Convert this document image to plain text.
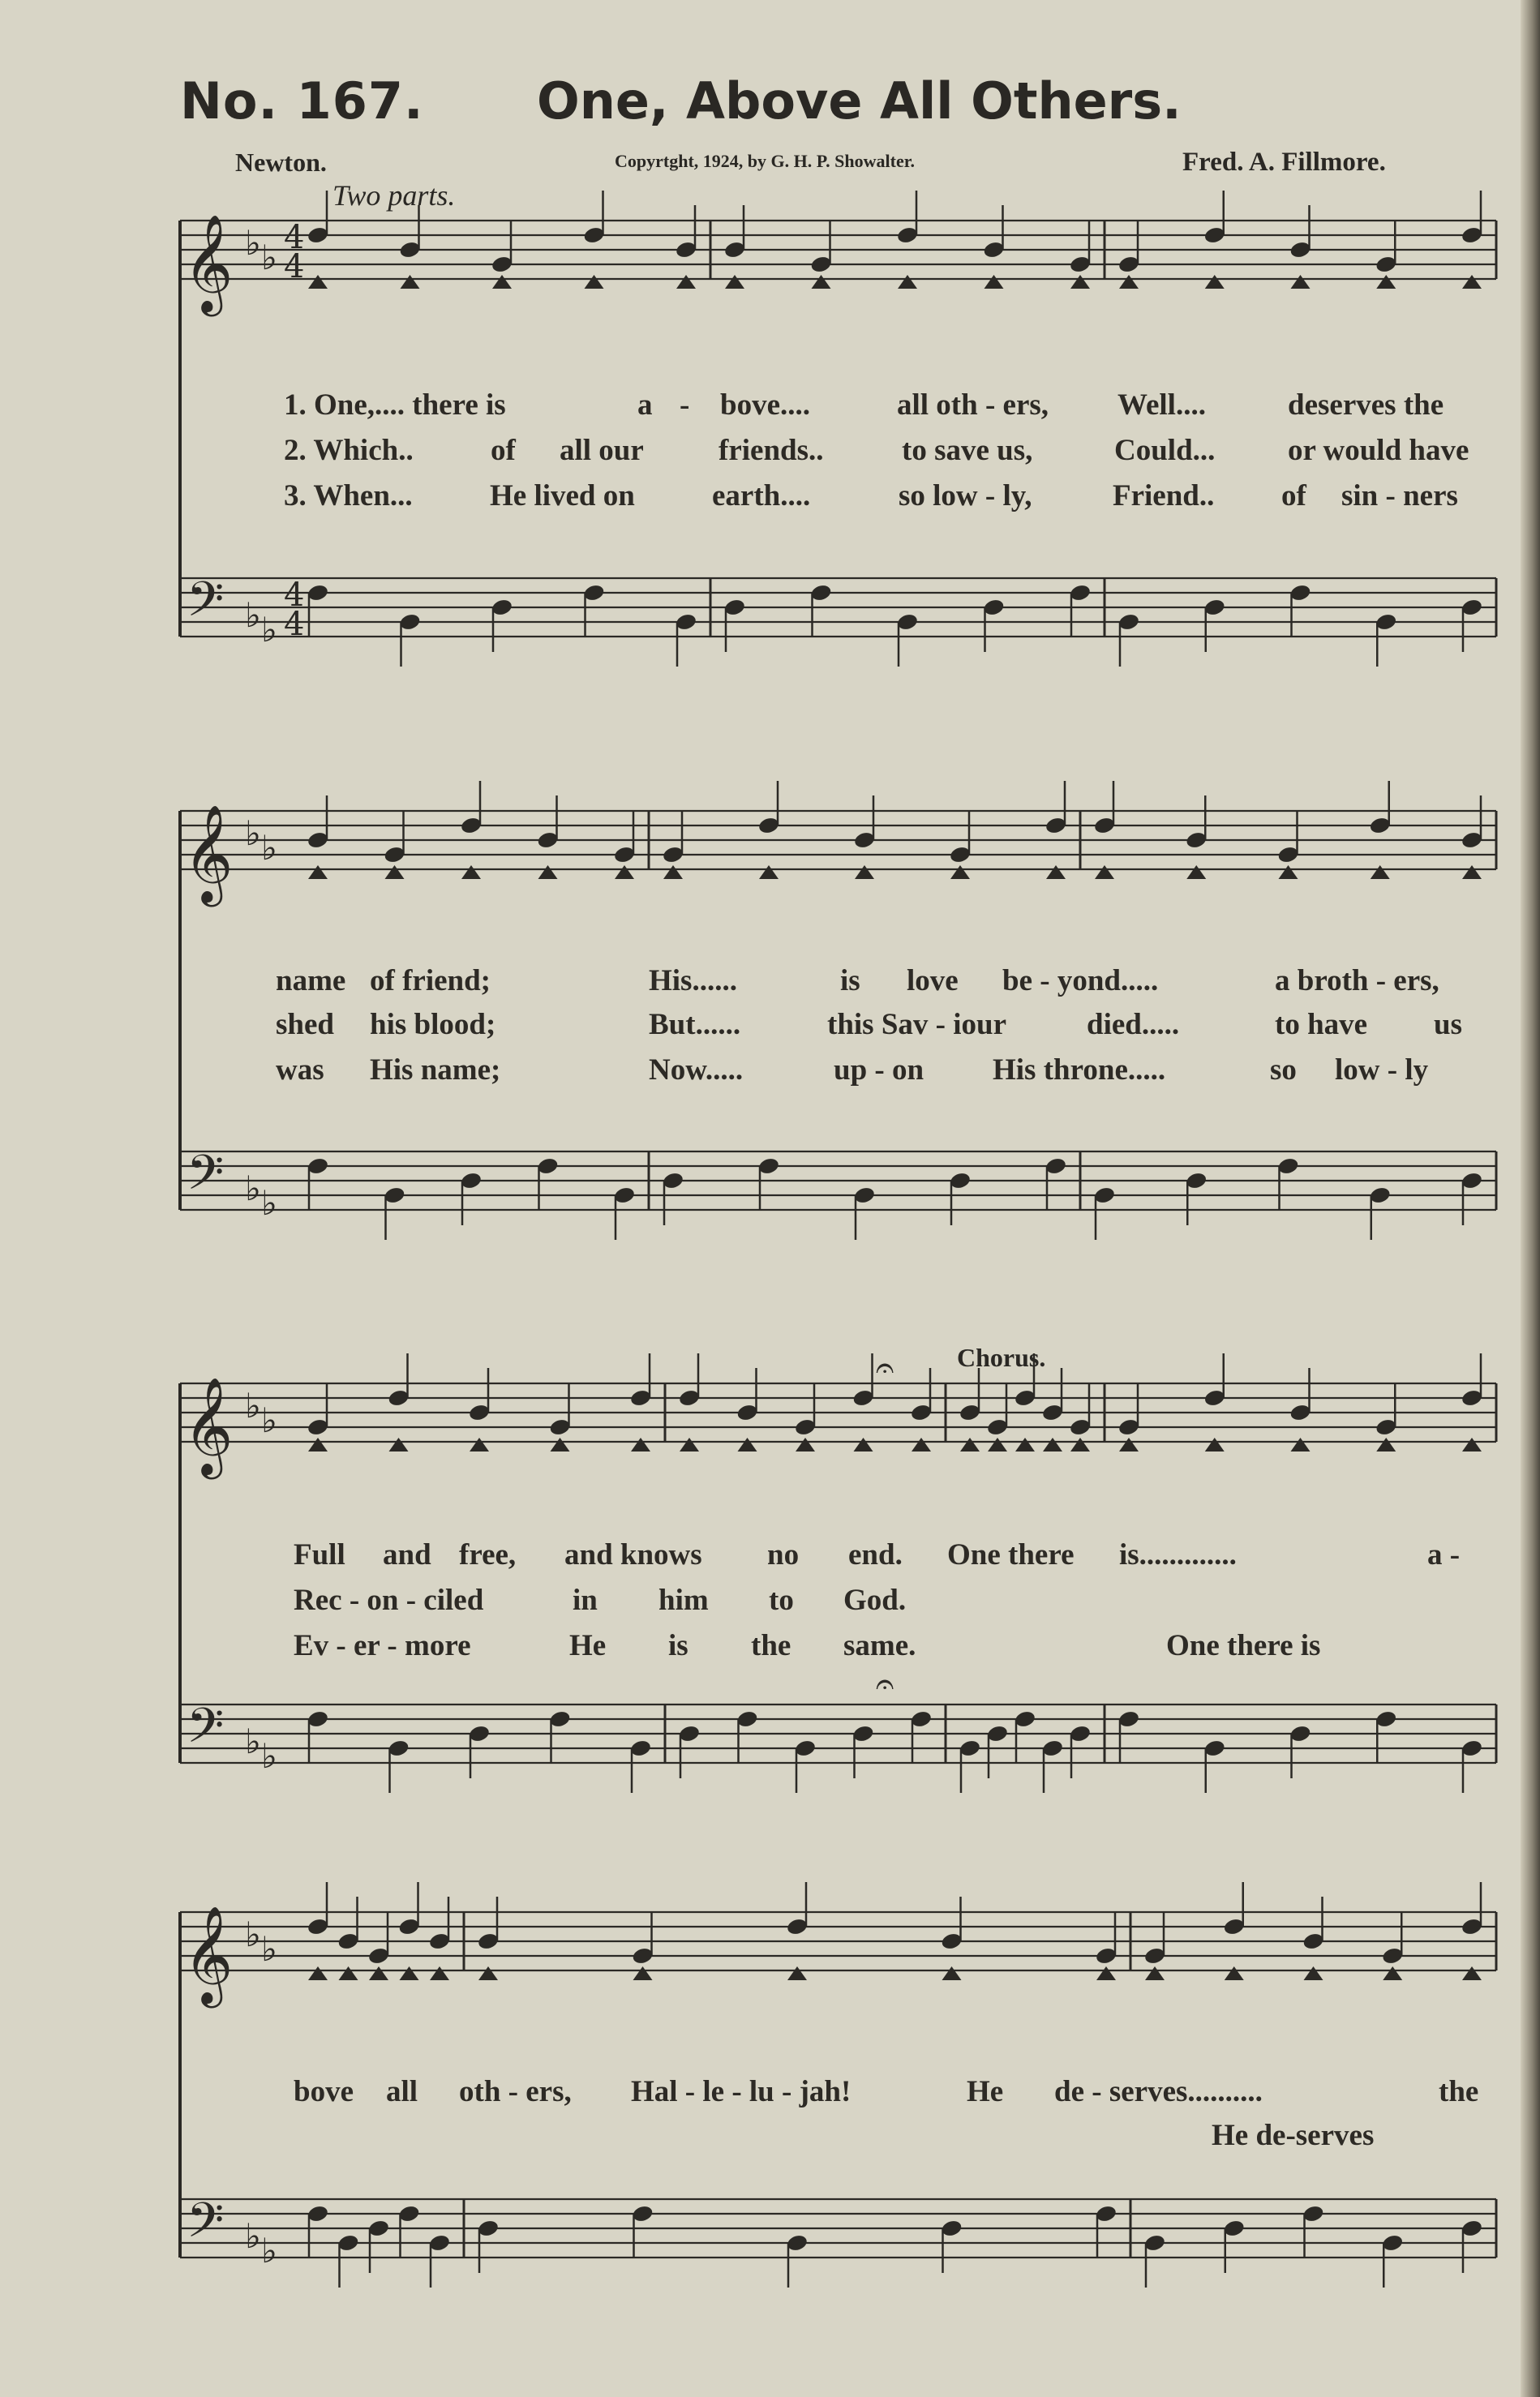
No. 167. One, Above All Others.
Newton.	Copyrtght, 1924, by G. H. P. Showalter.	Fred. A. Fillmore.
Two parts.
Chorus.
𝄞
𝄢
♭ ♭
♭ ♭
4
4
4
4
𝄞
𝄢
♭ ♭
♭ ♭
𝄞
𝄢
♭ ♭
♭ ♭
𝄞
𝄢
♭ ♭
♭ ♭
𝄐
𝄐
1. One,.... there is	a - bove....	all oth - ers, Well....	deserves the
2. Which..	of all our friends..	to save us,	Could... or would have
3. When...	He lived on	earth....	so low - ly,	Friend.. of sin - ners
name of friend;	His......	is love be - yond.....	a broth - ers,
shed his blood;	But......	this Sav - iour	died.....	to have us
was His name;	Now.....	up - on His throne.....	so low - ly
Full and free, and knows no end. One there is.............	a -
Rec - on - ciled	in him to God.
Ev - er - more	He is the same.	One there is
bove all oth - ers, Hal - le - lu - jah!	He de - serves..........	the
He de-serves
